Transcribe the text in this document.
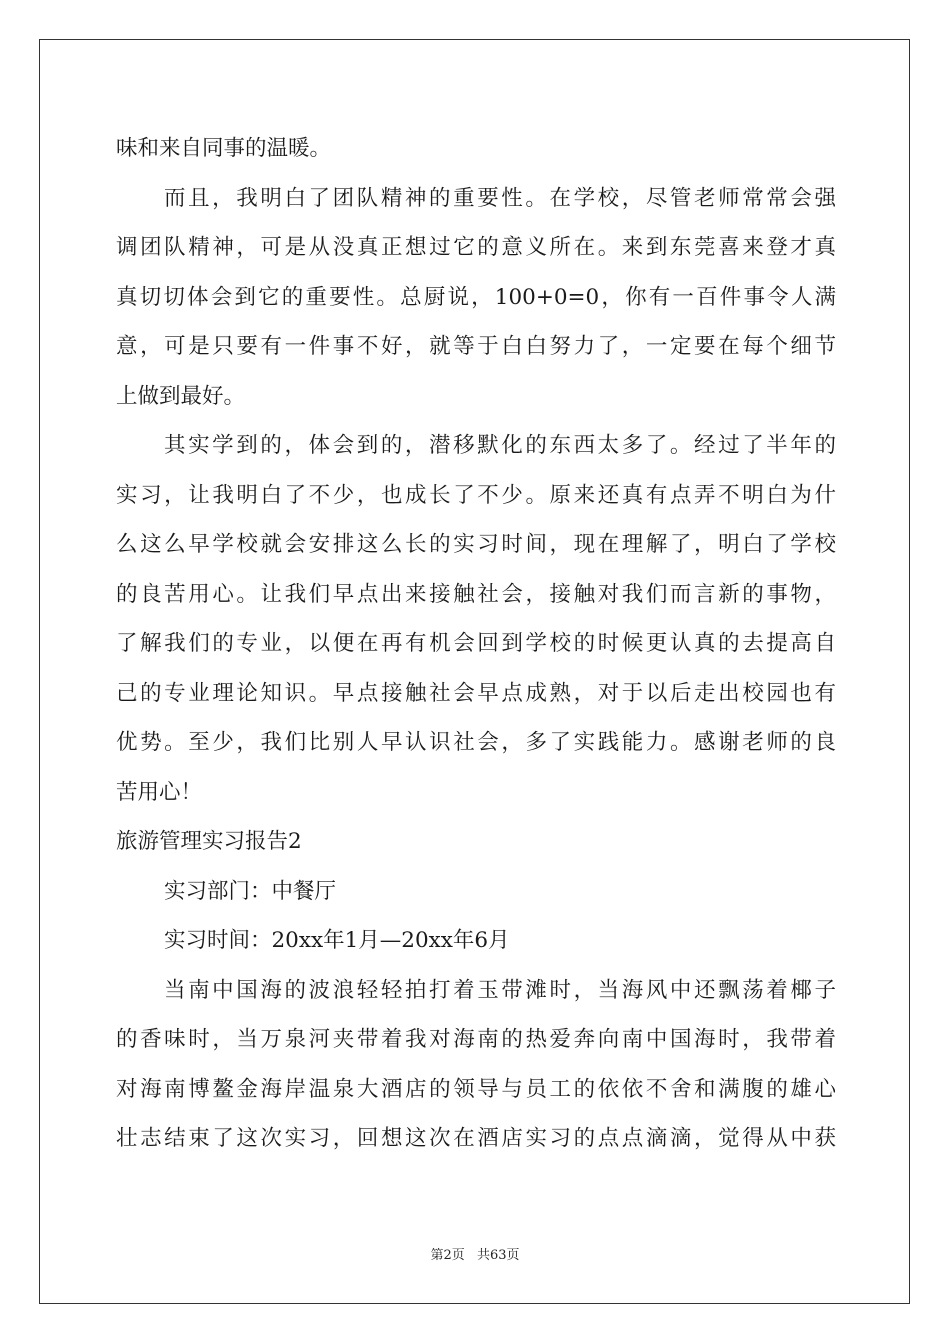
味和来自同事的温暖。
而且，我明白了团队精神的重要性。在学校，尽管老师常常会强
调团队精神，可是从没真正想过它的意义所在。来到东莞喜来登才真
真切切体会到它的重要性。总厨说，100+0=0，你有一百件事令人满
意，可是只要有一件事不好，就等于白白努力了，一定要在每个细节
上做到最好。
其实学到的，体会到的，潜移默化的东西太多了。经过了半年的
实习，让我明白了不少，也成长了不少。原来还真有点弄不明白为什
么这么早学校就会安排这么长的实习时间，现在理解了，明白了学校
的良苦用心。让我们早点出来接触社会，接触对我们而言新的事物，
了解我们的专业，以便在再有机会回到学校的时候更认真的去提高自
己的专业理论知识。早点接触社会早点成熟，对于以后走出校园也有
优势。至少，我们比别人早认识社会，多了实践能力。感谢老师的良
苦用心！
旅游管理实习报告2
实习部门：中餐厅
实习时间：20xx年1月—20xx年6月
当南中国海的波浪轻轻拍打着玉带滩时，当海风中还飘荡着椰子
的香味时，当万泉河夹带着我对海南的热爱奔向南中国海时，我带着
对海南博鳌金海岸温泉大酒店的领导与员工的依依不舍和满腹的雄心
壮志结束了这次实习，回想这次在酒店实习的点点滴滴，觉得从中获
第2页 共63页
